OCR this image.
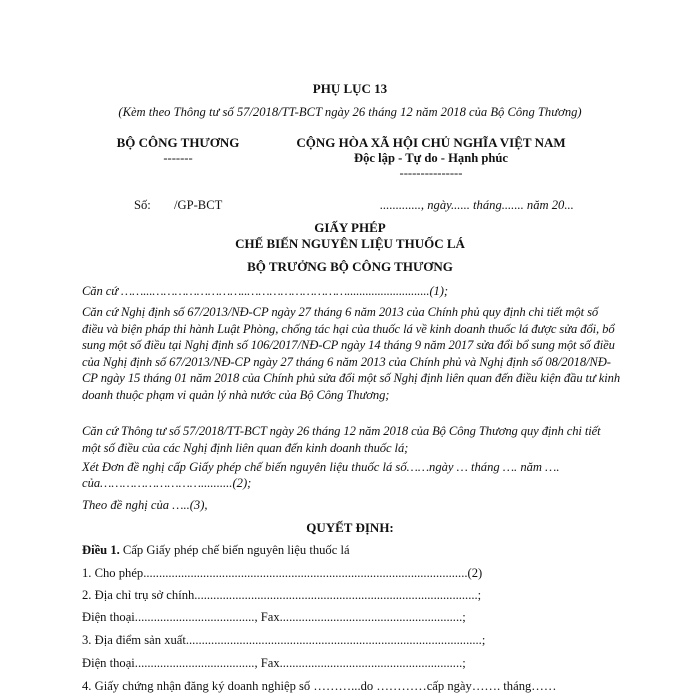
PHỤ LỤC 13
(Kèm theo Thông tư số 57/2018/TT-BCT ngày 26 tháng 12 năm 2018 của Bộ Công Thương)
BỘ CÔNG THƯƠNG
-------
CỘNG HÒA XÃ HỘI CHỦ NGHĨA VIỆT NAM
Độc lập - Tự do - Hạnh phúc
---------------
Số: /GP-BCT	............., ngày...... tháng....... năm 20...
GIẤY PHÉP
CHẾ BIẾN NGUYÊN LIỆU THUỐC LÁ
BỘ TRƯỞNG BỘ CÔNG THƯƠNG
Căn cứ ……...……………………..………………………...........................(1);
Căn cứ Nghị định số 67/2013/NĐ-CP ngày 27 tháng 6 năm 2013 của Chính phủ quy định chi tiết một số điều và biện pháp thi hành Luật Phòng, chống tác hại của thuốc lá về kinh doanh thuốc lá được sửa đổi, bổ sung một số điều tại Nghị định số 106/2017/NĐ-CP ngày 14 tháng 9 năm 2017 sửa đổi bổ sung một số điều của Nghị định số 67/2013/NĐ-CP ngày 27 tháng 6 năm 2013 của Chính phủ và Nghị định số 08/2018/NĐ-CP ngày 15 tháng 01 năm 2018 của Chính phủ sửa đổi một số Nghị định liên quan đến điều kiện đầu tư kinh doanh thuộc phạm vi quản lý nhà nước của Bộ Công Thương;
Căn cứ Thông tư số 57/2018/TT-BCT ngày 26 tháng 12 năm 2018 của Bộ Công Thương quy định chi tiết một số điều của các Nghị định liên quan đến kinh doanh thuốc lá;
Xét Đơn đề nghị cấp Giấy phép chế biến nguyên liệu thuốc lá số……ngày … tháng …. năm ….
của………………………..........(2);
Theo đề nghị của …..(3),
QUYẾT ĐỊNH:
Điều 1. Cấp Giấy phép chế biến nguyên liệu thuốc lá
1. Cho phép.......................................................................................................(2)
2. Địa chỉ trụ sở chính..........................................................................................;
Điện thoại......................................, Fax..........................................................;
3. Địa điểm sản xuất..............................................................................................;
Điện thoại......................................, Fax..........................................................;
4. Giấy chứng nhận đăng ký doanh nghiệp số ………...do …………cấp ngày……. tháng……
